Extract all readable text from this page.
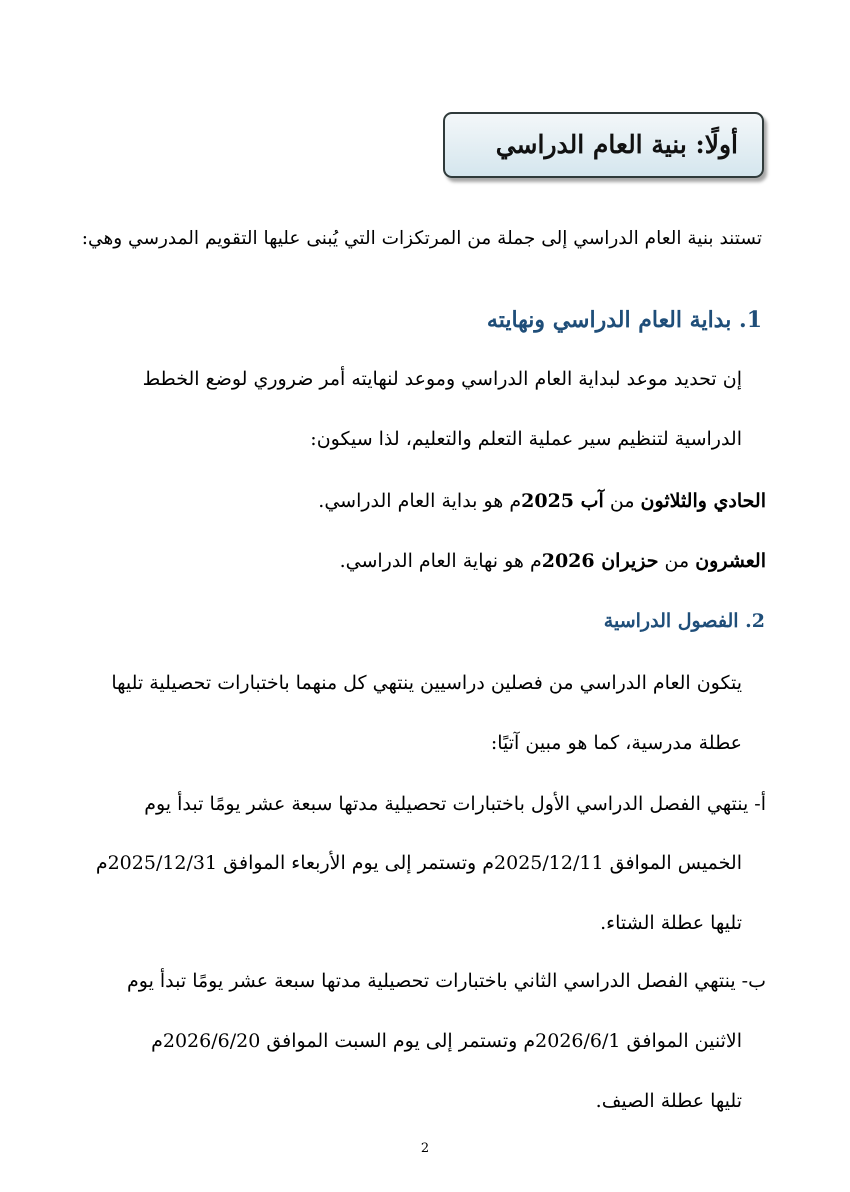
أولًا: بنية العام الدراسي
تستند بنية العام الدراسي إلى جملة من المرتكزات التي يُبنى عليها التقويم المدرسي وهي:
1. بداية العام الدراسي ونهايته
إن تحديد موعد لبداية العام الدراسي وموعد لنهايته أمر ضروري لوضع الخطط
الدراسية لتنظيم سير عملية التعلم والتعليم، لذا سيكون:
الحادي والثلاثون من آب 2025م هو بداية العام الدراسي.
العشرون من حزيران 2026م هو نهاية العام الدراسي.
2. الفصول الدراسية
يتكون العام الدراسي من فصلين دراسيين ينتهي كل منهما باختبارات تحصيلية تليها
عطلة مدرسية، كما هو مبين آتيًا:
أ- ينتهي الفصل الدراسي الأول باختبارات تحصيلية مدتها سبعة عشر يومًا تبدأ يوم
الخميس الموافق 2025/12/11م وتستمر إلى يوم الأربعاء الموافق 2025/12/31م
تليها عطلة الشتاء.
ب- ينتهي الفصل الدراسي الثاني باختبارات تحصيلية مدتها سبعة عشر يومًا تبدأ يوم
الاثنين الموافق 2026/6/1م وتستمر إلى يوم السبت الموافق 2026/6/20م
تليها عطلة الصيف.
2
